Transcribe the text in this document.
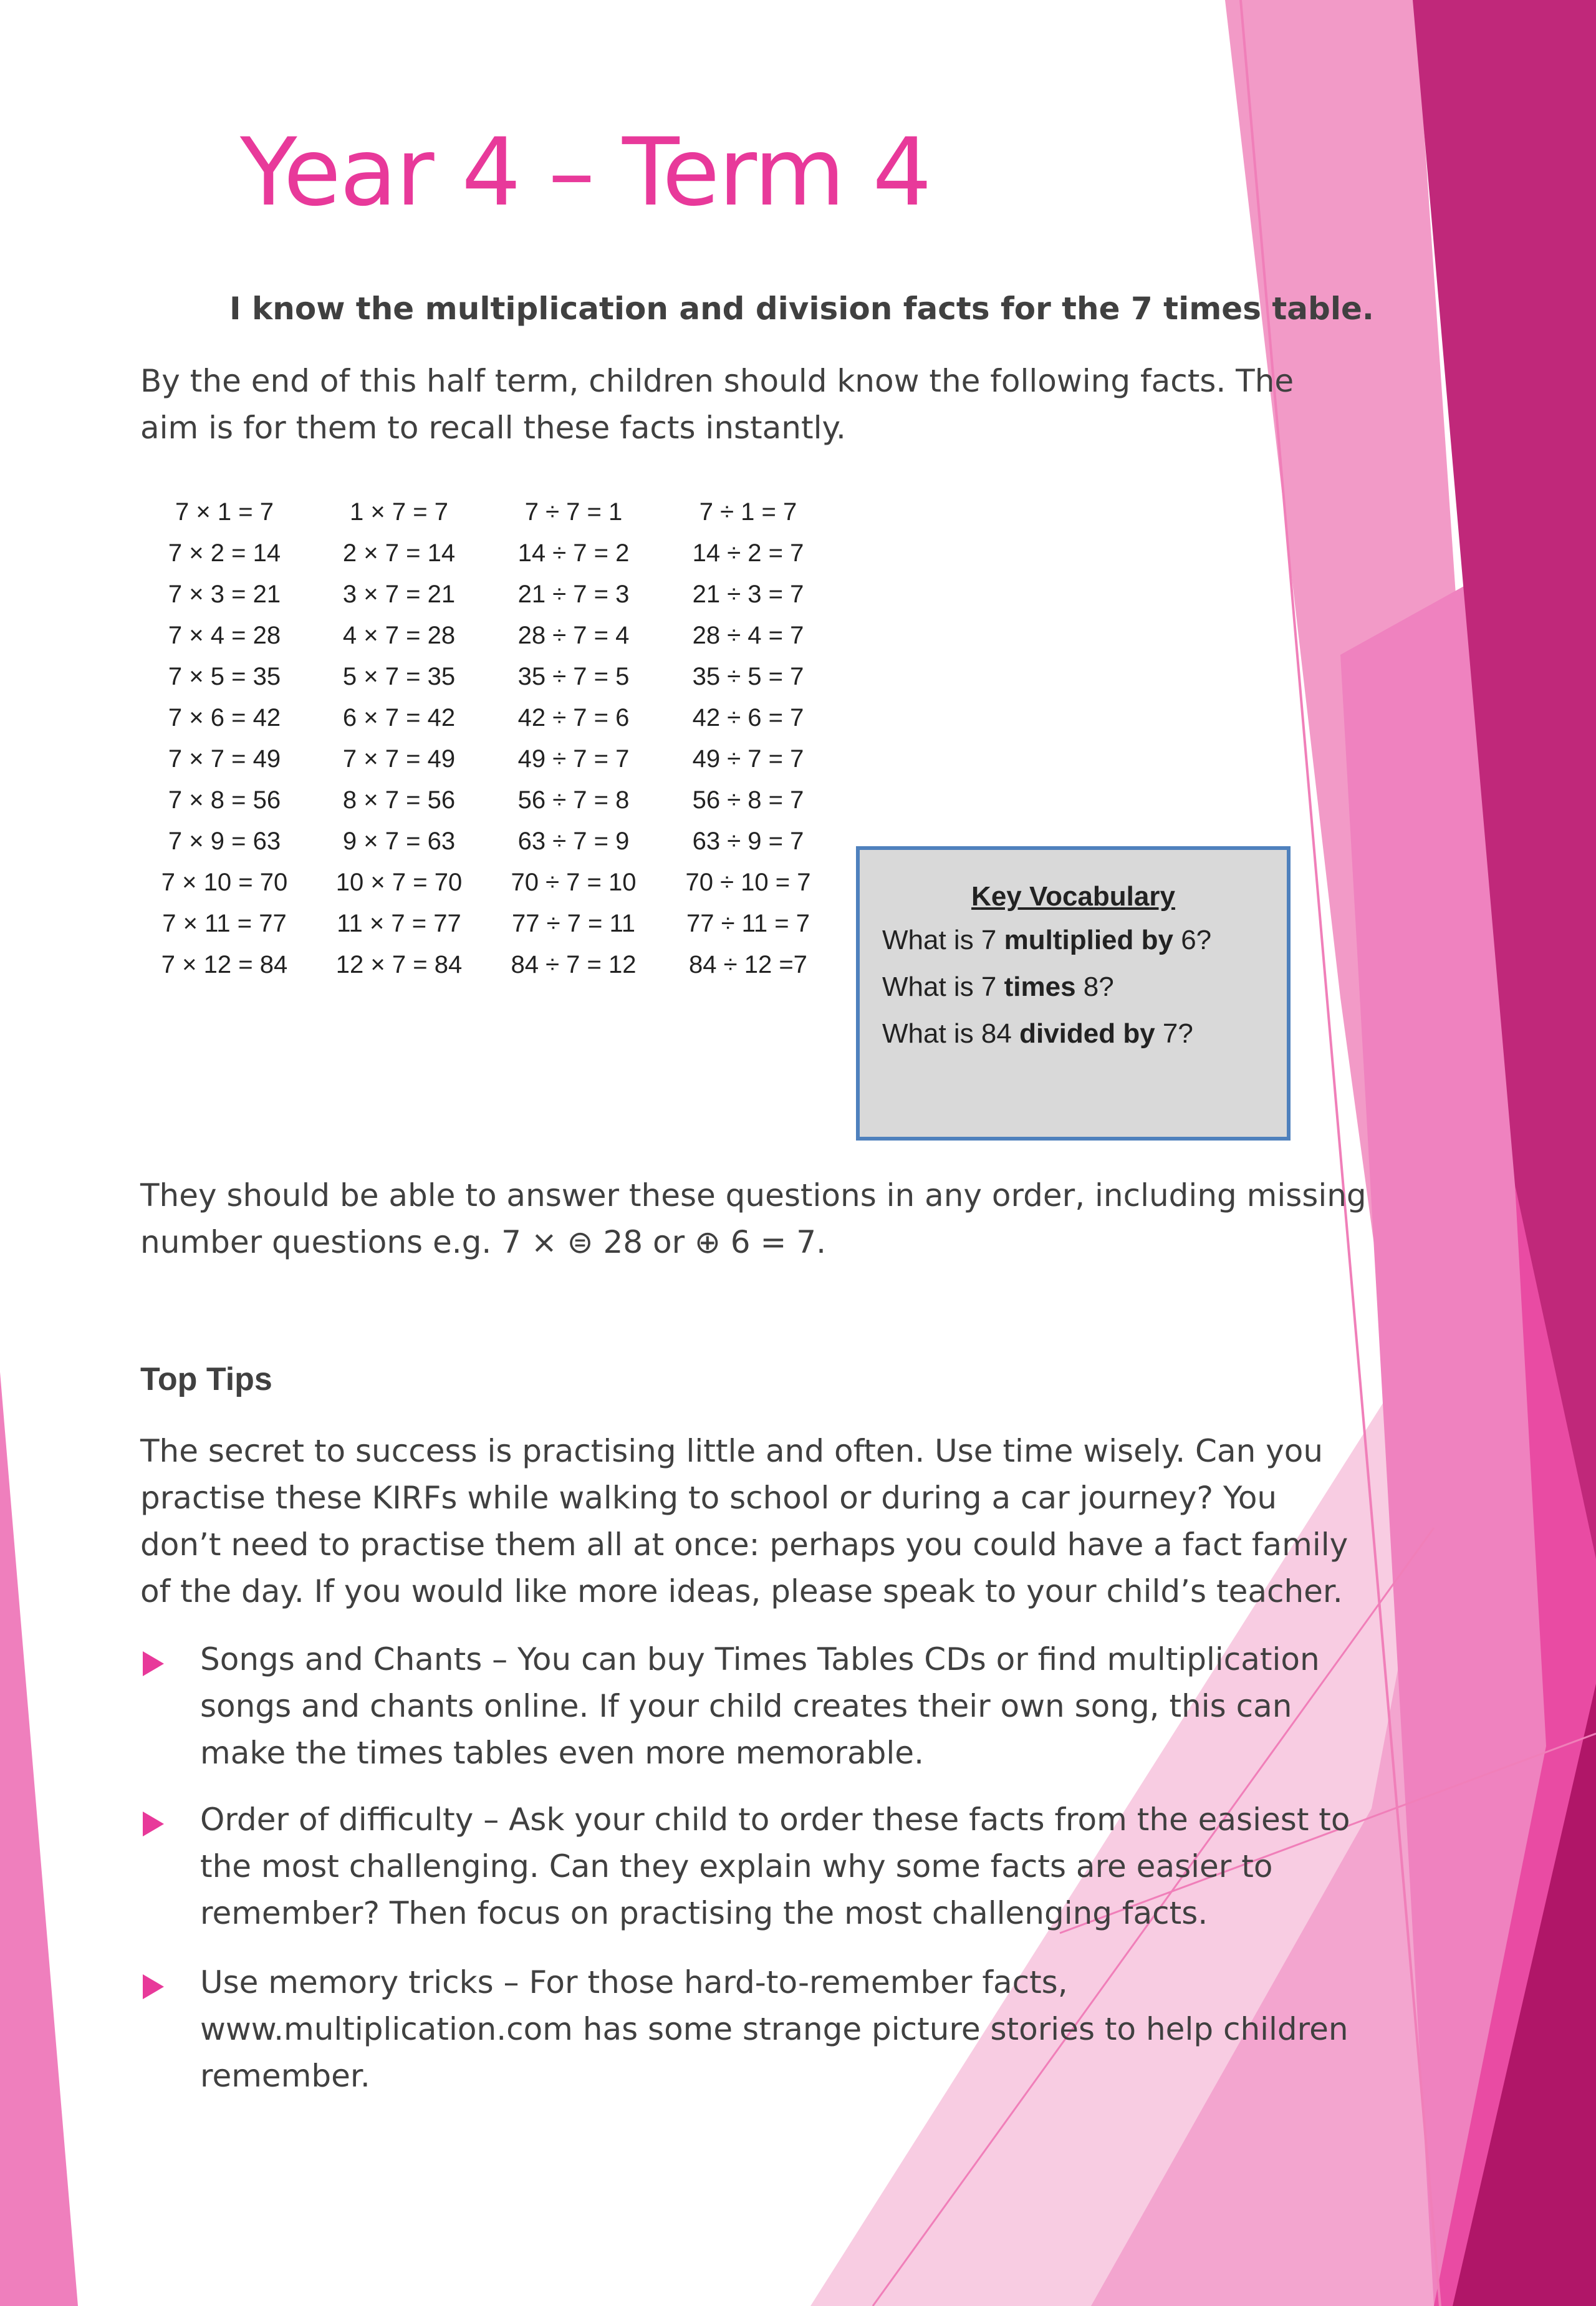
Year 4 – Term 4
I know the multiplication and division facts for the 7 times table.
By the end of this half term, children should know the following facts. The
aim is for them to recall these facts instantly.
7 × 1 = 7	1 × 7 = 7	7 ÷ 7 = 1	7 ÷ 1 = 7
7 × 2 = 14	2 × 7 = 14	14 ÷ 7 = 2	14 ÷ 2 = 7
7 × 3 = 21	3 × 7 = 21	21 ÷ 7 = 3	21 ÷ 3 = 7
7 × 4 = 28	4 × 7 = 28	28 ÷ 7 = 4	28 ÷ 4 = 7
7 × 5 = 35	5 × 7 = 35	35 ÷ 7 = 5	35 ÷ 5 = 7
7 × 6 = 42	6 × 7 = 42	42 ÷ 7 = 6	42 ÷ 6 = 7
7 × 7 = 49	7 × 7 = 49	49 ÷ 7 = 7	49 ÷ 7 = 7
7 × 8 = 56	8 × 7 = 56	56 ÷ 7 = 8	56 ÷ 8 = 7
7 × 9 = 63	9 × 7 = 63	63 ÷ 7 = 9	63 ÷ 9 = 7
7 × 10 = 70	10 × 7 = 70	70 ÷ 7 = 10	70 ÷ 10 = 7
7 × 11 = 77	11 × 7 = 77	77 ÷ 7 = 11	77 ÷ 11 = 7
7 × 12 = 84	12 × 7 = 84	84 ÷ 7 = 12	84 ÷ 12 =7
Key Vocabulary
What is 7 multiplied by 6?
What is 7 times 8?
What is 84 divided by 7?
They should be able to answer these questions in any order, including missing
number questions e.g. 7 × ⊜ 28 or ⊕ 6 = 7.
Top Tips
The secret to success is practising little and often. Use time wisely. Can you
practise these KIRFs while walking to school or during a car journey? You
don’t need to practise them all at once: perhaps you could have a fact family
of the day. If you would like more ideas, please speak to your child’s teacher.
Songs and Chants – You can buy Times Tables CDs or find multiplication
songs and chants online. If your child creates their own song, this can
make the times tables even more memorable.
Order of difficulty – Ask your child to order these facts from the easiest to
the most challenging. Can they explain why some facts are easier to
remember? Then focus on practising the most challenging facts.
Use memory tricks – For those hard-to-remember facts,
www.multiplication.com has some strange picture stories to help children
remember.
